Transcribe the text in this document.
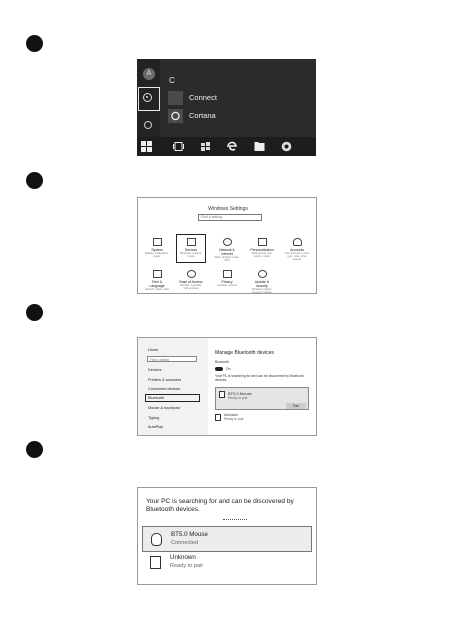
A
C
Connect
Cortana
Windows Settings
Find a setting
System
Display, notifications, power
Devices
Bluetooth, printers, mouse
Network & Internet
Wi-Fi, airplane mode, VPN
Personalization
Background, lock screen, colors
Accounts
Your accounts, email, sync, work, other people
Time & Language
Speech, region, date
Ease of Access
Narrator, magnifier, high contrast
Privacy
Location, camera
Update & security
Windows Update, recovery, backup
Home
Find a setting
Devices
Printers & scanners
Connected devices
Bluetooth
Mouse & touchpad
Typing
AutoPlay
Manage Bluetooth devices
Bluetooth
On
Your PC is searching for and can be discovered by Bluetooth devices.
BT5.0 Mouse
Ready to pair
Pair
Unknown
Ready to pair
Your PC is searching for and can be discovered by Bluetooth devices.
BT5.0 Mouse
Connected
Unknown
Ready to pair
